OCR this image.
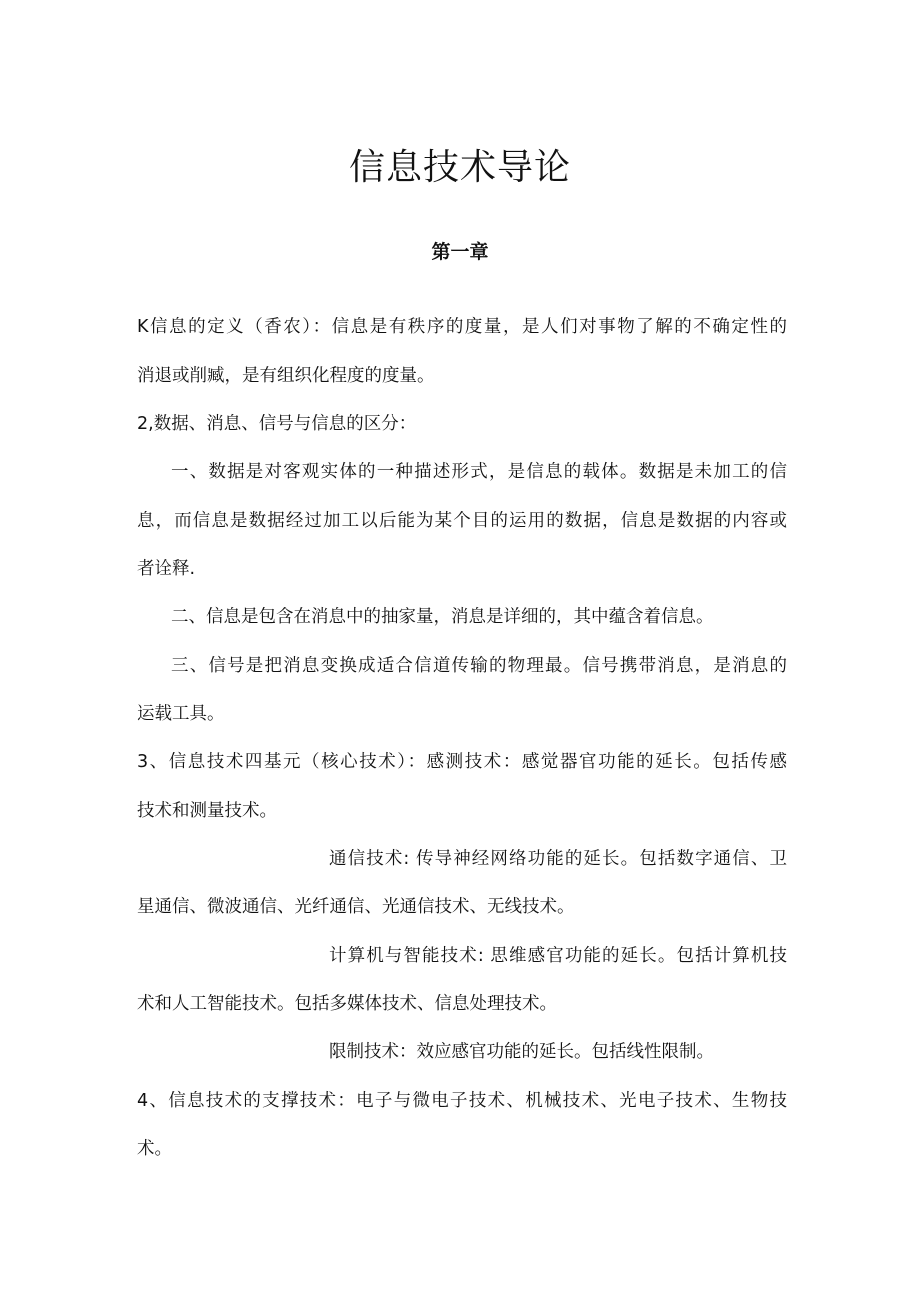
信息技术导论
第一章
K信息的定义（香农）：信息是有秩序的度量，是人们对事物了解的不确定性的
消退或削臧，是有组织化程度的度量。
2,数据、消息、信号与信息的区分：
一、数据是对客观实体的一种描述形式，是信息的载体。数据是未加工的信
息，而信息是数据经过加工以后能为某个目的运用的数据，信息是数据的内容或
者诠释.
二、信息是包含在消息中的抽家量，消息是详细的，其中蕴含着信息。
三、信号是把消息变换成适合信道传输的物理最。信号携带消息，是消息的
运载工具。
3、信息技术四基元（核心技术）：感测技术：感觉器官功能的延长。包括传感
技术和测量技术。
通信技术: 传导神经网络功能的延长。包括数字通信、卫
星通信、微波通信、光纤通信、光通信技术、无线技术。
计算机与智能技术: 思维感官功能的延长。包括计算机技
术和人工智能技术。包括多媒体技术、信息处理技术。
限制技术：效应感官功能的延长。包括线性限制。
4、信息技术的支撑技术：电子与微电子技术、机械技术、光电子技术、生物技
术。
